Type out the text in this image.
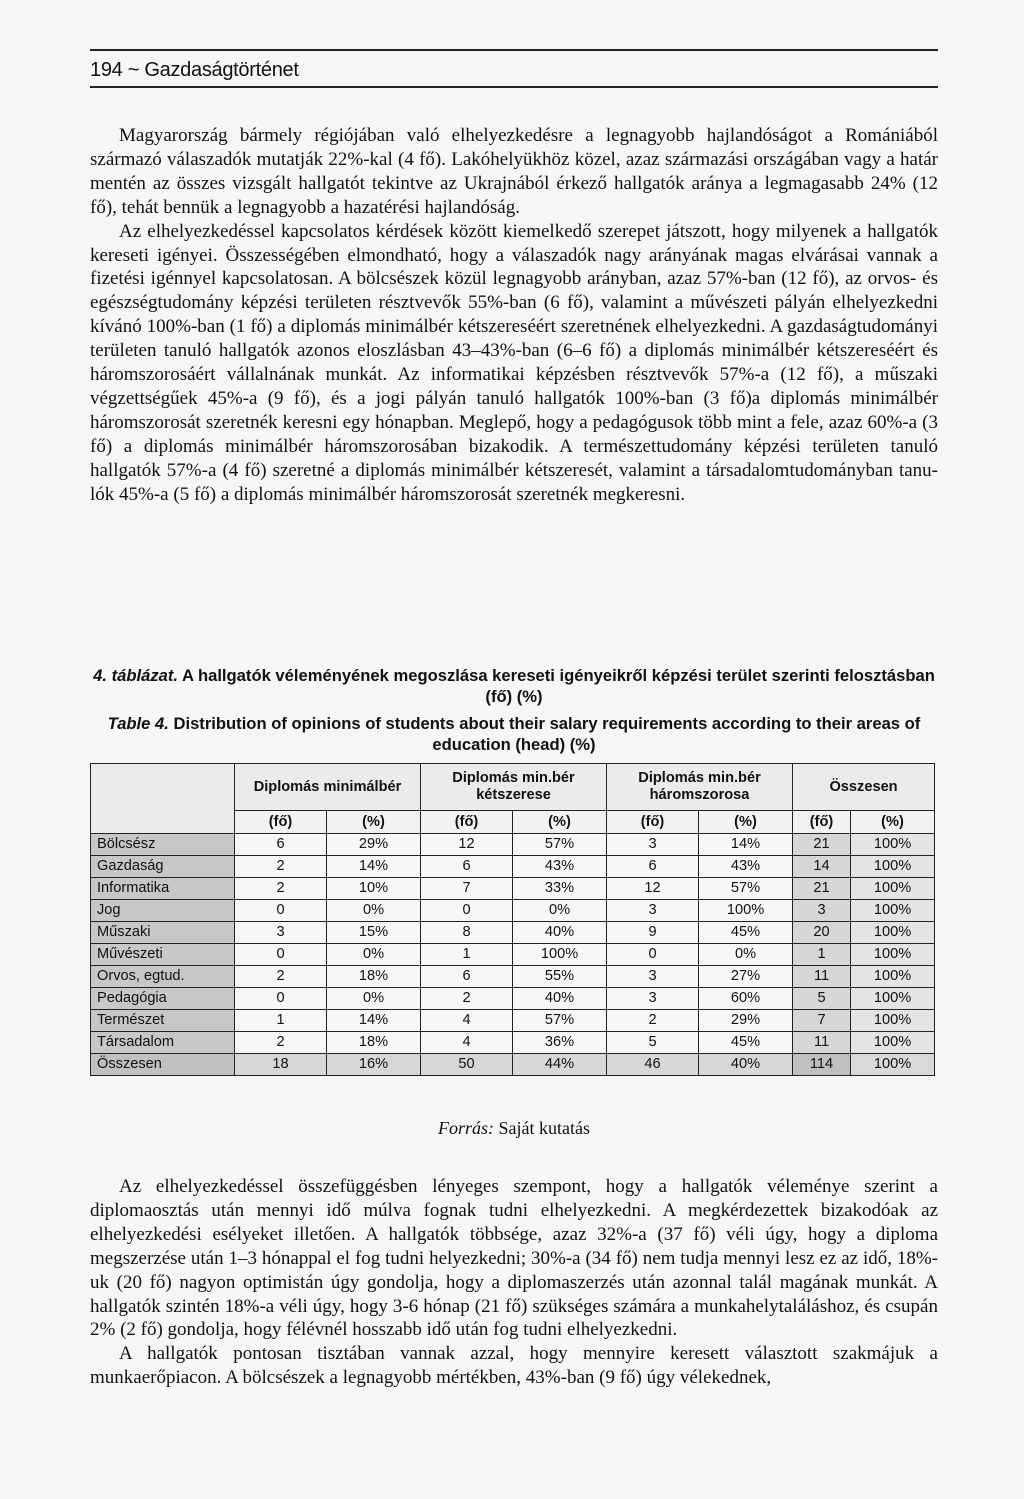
194 ~ Gazdaságtörténet

Magyarország bármely régiójában való elhelyezkedésre a legnagyobb hajlandóságot a Romániából származó válaszadók mutatják 22%-kal (4 fő). Lakóhelyükhöz közel, azaz származási országában vagy a határ mentén az összes vizsgált hallgatót tekintve az Ukrajnából érkező hallgatók aránya a legmagasabb 24% (12 fő), tehát bennük a legnagyobb a hazatérési hajlandóság.

Az elhelyezkedéssel kapcsolatos kérdések között kiemelkedő szerepet játszott, hogy milyenek a hallgatók kereseti igényei. Összességében elmondható, hogy a válaszadók nagy arányának magas elvárásai vannak a fizetési igénnyel kapcsolatosan. A bölcsészek közül legnagyobb arányban, azaz 57%-ban (12 fő), az orvos- és egészségtudomány képzési területen résztvevők 55%-ban (6 fő), valamint a művészeti pályán elhelyezkedni kívánó 100%-ban (1 fő) a diplomás minimálbér kétszereséért szeretnének elhelyezkedni. A gazdaságtudományi területen tanuló hallgatók azonos eloszlásban 43–43%-ban (6–6 fő) a diplomás minimálbér kétszereséért és háromszorosáért vállalnának munkát. Az informatikai képzésben résztvevők 57%-a (12 fő), a műszaki végzettségűek 45%-a (9 fő), és a jogi pályán tanuló hallgatók 100%-ban (3 fő)a diplomás minimálbér háromszorosát szeretnék keresni egy hónapban. Meglepő, hogy a pedagógusok több mint a fele, azaz 60%-a (3 fő) a diplomás minimálbér háromszorosában bizakodik. A természettudomány képzési területen tanuló hallgatók 57%-a (4 fő) szeretné a diplomás minimálbér kétszeresét, valamint a társadalomtudományban tanulók 45%-a (5 fő) a diplomás minimálbér háromszorosát szeretnék megkeresni.

4. táblázat. A hallgatók véleményének megoszlása kereseti igényeikről képzési terület szerinti felosztásban (fő) (%)
Table 4. Distribution of opinions of students about their salary requirements according to their areas of education (head) (%)
	Diplomás minimálbér		Diplomás min.bér kétszerese		Diplomás min.bér háromszorosa		Összesen	
	(fő)	(%)	(fő)	(%)	(fő)	(%)	(fő)	(%)
Bölcsész	6	29%	12	57%	3	14%	21	100%
Gazdaság	2	14%	6	43%	6	43%	14	100%
Informatika	2	10%	7	33%	12	57%	21	100%
Jog	0	0%	0	0%	3	100%	3	100%
Műszaki	3	15%	8	40%	9	45%	20	100%
Művészeti	0	0%	1	100%	0	0%	1	100%
Orvos, egtud.	2	18%	6	55%	3	27%	11	100%
Pedagógia	0	0%	2	40%	3	60%	5	100%
Természet	1	14%	4	57%	2	29%	7	100%
Társadalom	2	18%	4	36%	5	45%	11	100%
Összesen	18	16%	50	44%	46	40%	114	100%
Forrás: Saját kutatás

Az elhelyezkedéssel összefüggésben lényeges szempont, hogy a hallgatók véleménye szerint a diplomaosztás után mennyi idő múlva fognak tudni elhelyezkedni. A megkérdezettek bizakodóak az elhelyezkedési esélyeket illetően. A hallgatók többsége, azaz 32%-a (37 fő) véli úgy, hogy a diploma megszerzése után 1–3 hónappal el fog tudni helyezkedni; 30%-a (34 fő) nem tudja mennyi lesz ez az idő, 18%-uk (20 fő) nagyon optimistán úgy gondolja, hogy a diplomaszerzés után azonnal talál magának munkát. A hallgatók szintén 18%-a véli úgy, hogy 3-6 hónap (21 fő) szükséges számára a munkahelytaláláshoz, és csupán 2% (2 fő) gondolja, hogy félévnél hosszabb idő után fog tudni elhelyezkedni.

A hallgatók pontosan tisztában vannak azzal, hogy mennyire keresett választott szakmájuk a munkaerőpiacon. A bölcsészek a legnagyobb mértékben, 43%-ban (9 fő) úgy vélekednek,
